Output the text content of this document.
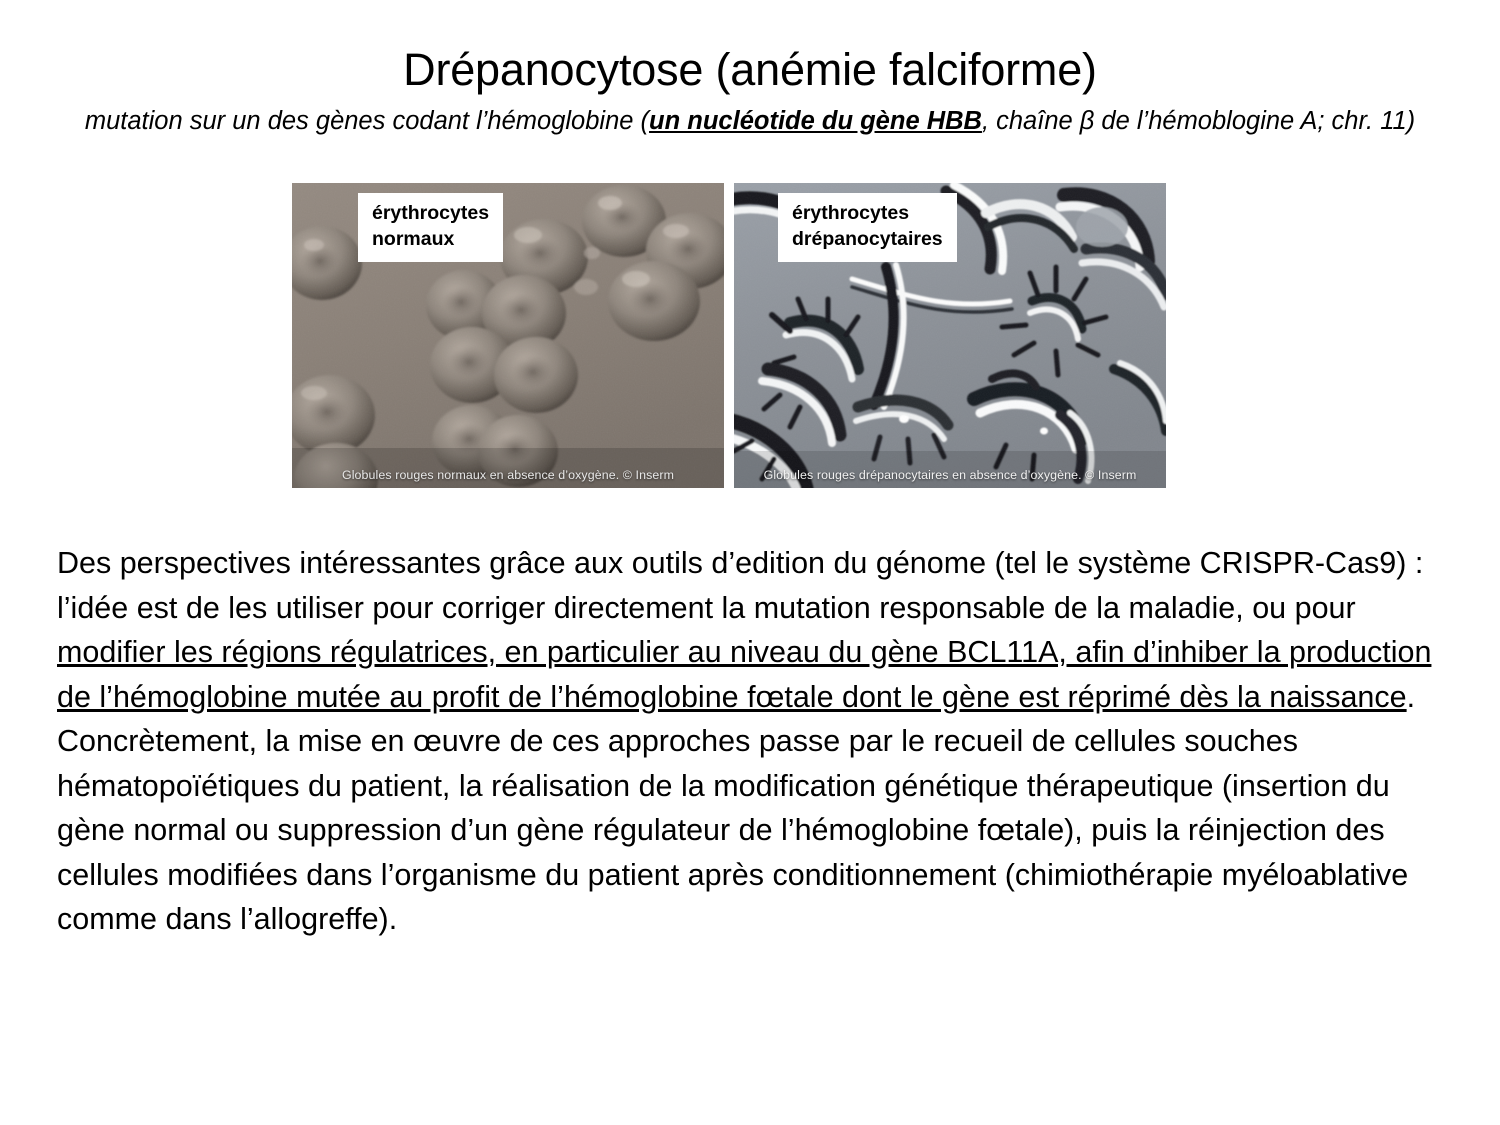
Drépanocytose (anémie falciforme)
mutation sur un des gènes codant l’hémoglobine (un nucléotide du gène HBB, chaîne β de l’hémoblogine A; chr. 11)
érythrocytes
normaux
Globules rouges normaux en absence d’oxygène. © Inserm
érythrocytes
drépanocytaires
Globules rouges drépanocytaires en absence d’oxygène. © Inserm

Des perspectives intéressantes grâce aux outils d’edition du génome (tel le système CRISPR-Cas9) :

l’idée est de les utiliser pour corriger directement la mutation responsable de la maladie, ou pour modifier les régions régulatrices, en particulier au niveau du gène BCL11A, afin d’inhiber la production de l’hémoglobine mutée au profit de l’hémoglobine fœtale dont le gène est réprimé dès la naissance.

Concrètement, la mise en œuvre de ces approches passe par le recueil de cellules souches hématopoïétiques du patient, la réalisation de la modification génétique thérapeutique (insertion du gène normal ou suppression d’un gène régulateur de l’hémoglobine fœtale), puis la réinjection des cellules modifiées dans l’organisme du patient après conditionnement (chimiothérapie myéloablative comme dans l’allogreffe).
